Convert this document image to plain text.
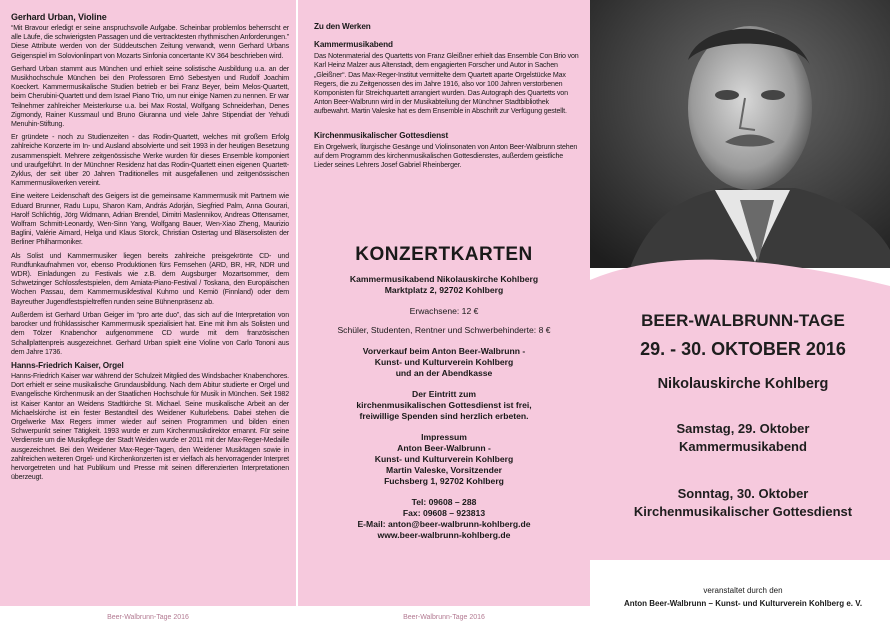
Gerhard Urban, Violine

“Mit Bravour erledigt er seine anspruchsvolle Aufgabe. Scheinbar problemlos beherrscht er alle Läufe, die schwierigsten Passagen und die vertracktesten rhythmischen Anforderungen.” Diese Attribute werden von der Süddeutschen Zeitung verwandt, wenn Gerhard Urbans Geigenspiel im Solovionlinpart von Mozarts Sinfonia concertante KV 364 beschrieben wird.

Gerhard Urban stammt aus München und erhielt seine solistische Ausbildung u.a. an der Musikhochschule München bei den Professoren Ernö Sebestyen und Rudolf Joachim Koeckert. Kammermusikalische Studien betrieb er bei Franz Beyer, beim Melos-Quartett, beim Cherubini-Quartett und dem Israel Piano Trio, um nur einige Namen zu nennen. Er war Teilnehmer zahlreicher Meisterkurse u.a. bei Max Rostal, Wolfgang Schneiderhan, Denes Zigmondy, Rainer Kussmaul und Bruno Giuranna und viele Jahre Stipendiat der Yehudi Menuhin-Stiftung.

Er gründete - noch zu Studienzeiten - das Rodin-Quartett, welches mit großem Erfolg zahlreiche Konzerte im In- und Ausland absolvierte und seit 1993 in der heutigen Besetzung zusammenspielt. Mehrere zeitgenössische Werke wurden für dieses Ensemble komponiert und uraufgeführt. In der Münchner Residenz hat das Rodin-Quartett einen eigenen Quartett-Zyklus, der seit über 20 Jahren Traditionelles mit ausgefallenen und zeitgenössischen Kammermusikwerken vereint.

Eine weitere Leidenschaft des Geigers ist die gemeinsame Kammermusik mit Partnern wie Eduard Brunner, Radu Lupu, Sharon Kam, András Adorján, Siegfried Palm, Anna Gourari, Harolf Schlichtig, Jörg Widmann, Adrian Brendel, Dimitri Maslennikov, Andreas Ottensamer, Wolfram Schmitt-Leonardy, Wen-Sinn Yang, Wolfgang Bauer, Wen-Xiao Zheng, Maurizio Baglini, Valérie Aimard, Helga und Klaus Storck, Christian Ostertag und Bläsersolisten der Berliner Philharmoniker.

Als Solist und Kammermusiker liegen bereits zahlreiche preisgekrönte CD- und Rundfunkaufnahmen vor, ebenso Produktionen fürs Fernsehen (ARD, BR, HR, NDR und WDR). Einladungen zu Festivals wie z.B. dem Augsburger Mozartsommer, dem Schwetzinger Schlossfestspielen, dem Amiata-Piano-Festival / Toskana, den Europäischen Wochen Passau, dem Kammermusikfestival Kuhmo und Kemiö (Finnland) oder dem Bayreuther Jugendfestspieltreffen runden seine Bühnenpräsenz ab.

Außerdem ist Gerhard Urban Geiger im “pro arte duo”, das sich auf die Interpretation von barocker und frühklassischer Kammermusik spezialisiert hat. Eine mit ihm als Solisten und dem Tölzer Knabenchor aufgenommene CD wurde mit dem französischen Schallplattenpreis ausgezeichnet. Gerhard Urban spielt eine Violine von Carlo Tononi aus dem Jahre 1736.

Hanns-Friedrich Kaiser, Orgel

Hanns-Friedrich Kaiser war während der Schulzeit Mitglied des Windsbacher Knabenchores. Dort erhielt er seine musikalische Grundausbildung. Nach dem Abitur studierte er Orgel und Evangelische Kirchenmusik an der Staatlichen Hochschule für Musik in München. Seit 1982 ist Kaiser Kantor an Weidens Stadtkirche St. Michael. Seine musikalische Arbeit an der Michaelskirche ist ein fester Bestandteil des Weidener Kulturlebens. Dabei stehen die Orgelwerke Max Regers immer wieder auf seinen Programmen und bilden einen Schwerpunkt seiner Tätigkeit. 1993 wurde er zum Kirchenmusikdirektor ernannt. Für seine Verdienste um die Musikpflege der Stadt Weiden wurde er 2011 mit der Max-Reger-Medaille ausgezeichnet. Bei den Weidener Max-Reger-Tagen, den Weidener Musiktagen sowie in zahlreichen weiteren Orgel- und Kirchenkonzerten ist er vielfach als hervorragender Interpret hervorgetreten und hat Publikum und Presse mit seinen differenzierten Interpretationen überzeugt.

Beer-Walbrunn-Tage 2016
Zu den Werken
Kammermusikabend

Das Notenmaterial des Quartetts von Franz Gleißner erhielt das Ensemble Con Brio von Karl Heinz Malzer aus Altenstadt, dem engagierten Forscher und Autor in Sachen „Gleißner“. Das Max-Reger-Institut vermittelte dem Quartett aparte Orgelstücke Max Regers, die zu Zeitgenossen des im Jahre 1916, also vor 100 Jahren verstorbenen Komponisten für Streichquartett arrangiert wurden. Das Autograph des Quartetts von Anton Beer-Walbrunn wird in der Musikabteilung der Münchner Stadtbibliothek aufbewahrt. Martin Valeske hat es dem Ensemble in Abschrift zur Verfügung gestellt.

Kirchenmusikalischer Gottesdienst

Ein Orgelwerk, liturgische Gesänge und Violinsonaten von Anton Beer-Walbrunn stehen auf dem Programm des kirchenmusikalischen Gottesdienstes, außerdem geistliche Lieder seines Lehrers Josef Gabriel Rheinberger.

Beer-Walbrunn-Tage 2016
KONZERTKARTEN
Kammermusikabend Nikolauskirche Kohlberg
Marktplatz 2, 92702 Kohlberg
Erwachsene: 12 €
Schüler, Studenten, Rentner und Schwerbehinderte: 8 €
Vorverkauf beim Anton Beer-Walbrunn -
Kunst- und Kulturverein Kohlberg
und an der Abendkasse
Der Eintritt zum
kirchenmusikalischen Gottesdienst ist frei,
freiwillige Spenden sind herzlich erbeten.
Impressum
Anton Beer-Walbrunn -
Kunst- und Kulturverein Kohlberg
Martin Valeske, Vorsitzender
Fuchsberg 1, 92702 Kohlberg
Tel: 09608 – 288
Fax: 09608 – 923813
E-Mail: anton@beer-walbrunn-kohlberg.de
www.beer-walbrunn-kohlberg.de
BEER-WALBRUNN-TAGE
29. - 30. OKTOBER 2016
Nikolauskirche Kohlberg
Samstag, 29. Oktober
Kammermusikabend
Sonntag, 30. Oktober
Kirchenmusikalischer Gottesdienst
veranstaltet durch den
Anton Beer-Walbrunn – Kunst- und Kulturverein Kohlberg e. V.
